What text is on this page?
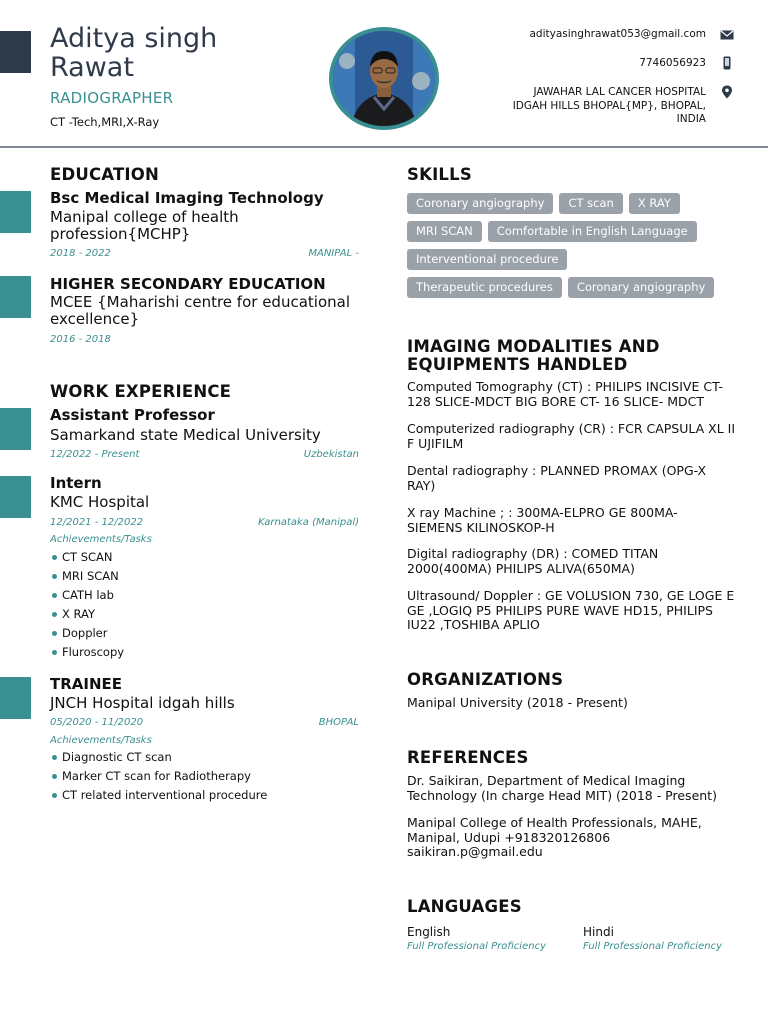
Aditya singh Rawat
RADIOGRAPHER
CT -Tech,MRI,X-Ray
adityasinghrawat053@gmail.com
7746056923
JAWAHAR LAL CANCER HOSPITAL IDGAH HILLS BHOPAL{MP}, BHOPAL, INDIA
EDUCATION
Bsc Medical Imaging Technology
Manipal college of health profession{MCHP}
2018 - 2022	MANIPAL -
HIGHER SECONDARY EDUCATION
MCEE {Maharishi centre for educational excellence}
2016 - 2018
WORK EXPERIENCE
Assistant Professor
Samarkand state Medical University
12/2022 - Present	Uzbekistan
Intern
KMC Hospital
12/2021 - 12/2022	Karnataka (Manipal)
Achievements/Tasks
CT SCAN
MRI SCAN
CATH lab
X RAY
Doppler
Fluroscopy
TRAINEE
JNCH Hospital idgah hills
05/2020 - 11/2020	BHOPAL
Achievements/Tasks
Diagnostic CT scan
Marker CT scan for Radiotherapy
CT related interventional procedure
SKILLS
Coronary angiography CT scan X RAY
MRI SCAN Comfortable in English Language
Interventional procedure
Therapeutic procedures Coronary angiography
IMAGING MODALITIES AND EQUIPMENTS HANDLED
Computed Tomography (CT) : PHILIPS INCISIVE CT- 128 SLICE-MDCT BIG BORE CT- 16 SLICE- MDCT
Computerized radiography (CR) : FCR CAPSULA XL II F UJIFILM
Dental radiography : PLANNED PROMAX (OPG-X RAY)
X ray Machine ; : 300MA-ELPRO GE 800MA-SIEMENS KILINOSKOP-H
Digital radiography (DR) : COMED TITAN 2000(400MA) PHILIPS ALIVA(650MA)
Ultrasound/ Doppler : GE VOLUSION 730, GE LOGE E GE ,LOGIQ P5 PHILIPS PURE WAVE HD15, PHILIPS IU22 ,TOSHIBA APLIO
ORGANIZATIONS
Manipal University (2018 - Present)
REFERENCES
Dr. Saikiran, Department of Medical Imaging Technology (In charge Head MIT) (2018 - Present)
Manipal College of Health Professionals, MAHE, Manipal, Udupi +918320126806 saikiran.p@gmail.edu
LANGUAGES
English
Full Professional Proficiency
Hindi
Full Professional Proficiency
